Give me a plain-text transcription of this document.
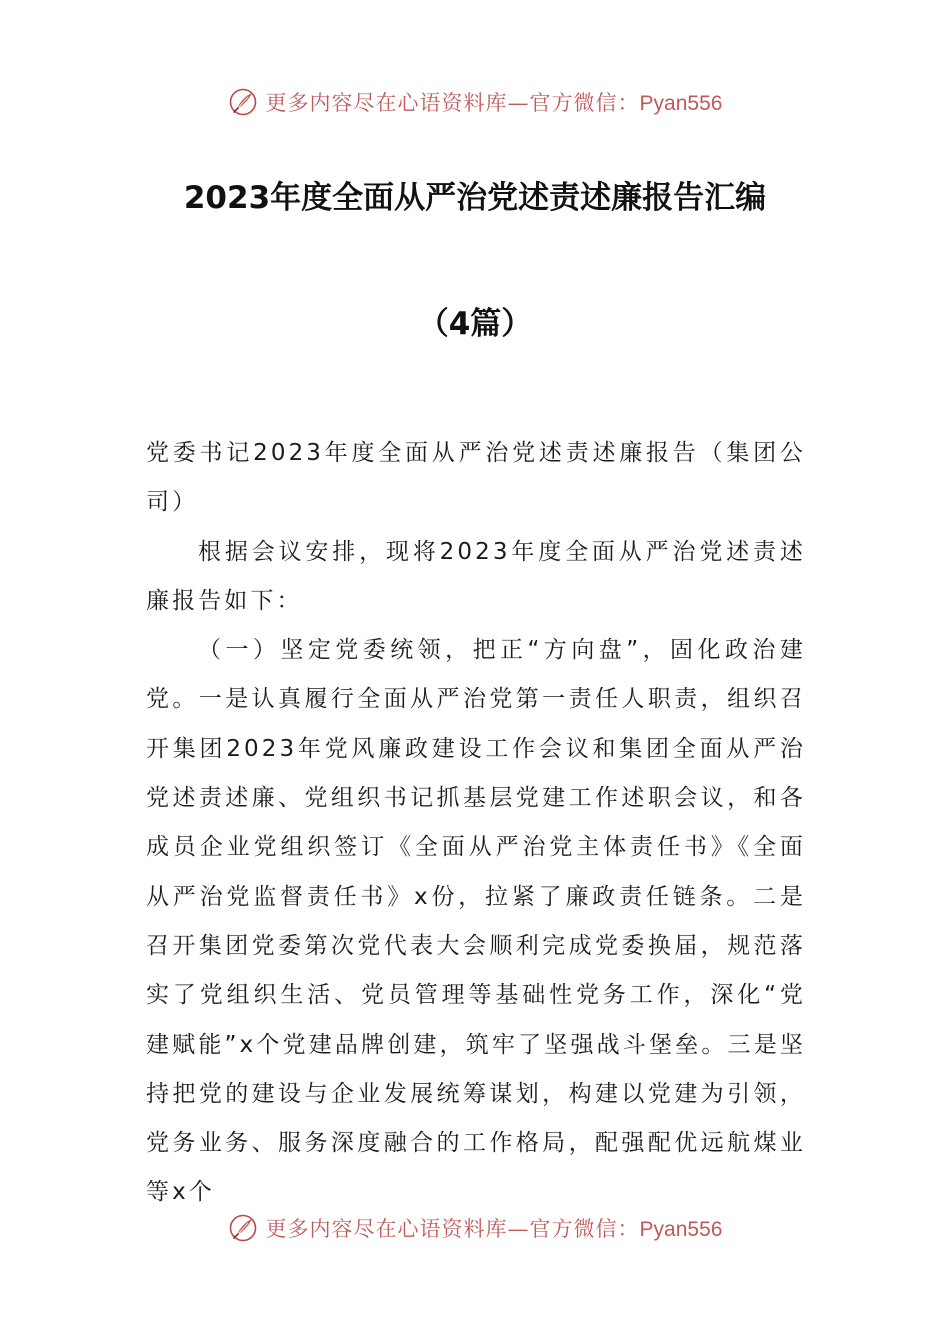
更多内容尽在心语资料库—官方微信：Pyan556
2023年度全面从严治党述责述廉报告汇编
（4篇）

党委书记2023年度全面从严治党述责述廉报告（集团公司）

根据会议安排，现将2023年度全面从严治党述责述廉报告如下：

（一）坚定党委统领，把正“方向盘”，固化政治建党。一是认真履行全面从严治党第一责任人职责，组织召开集团2023年党风廉政建设工作会议和集团全面从严治党述责述廉、党组织书记抓基层党建工作述职会议，和各成员企业党组织签订《全面从严治党主体责任书》《全面从严治党监督责任书》x份，拉紧了廉政责任链条。二是召开集团党委第次党代表大会顺利完成党委换届，规范落实了党组织生活、党员管理等基础性党务工作，深化“党建赋能”x个党建品牌创建，筑牢了坚强战斗堡垒。三是坚持把党的建设与企业发展统筹谋划，构建以党建为引领，党务业务、服务深度融合的工作格局，配强配优远航煤业等x个

更多内容尽在心语资料库—官方微信：Pyan556
